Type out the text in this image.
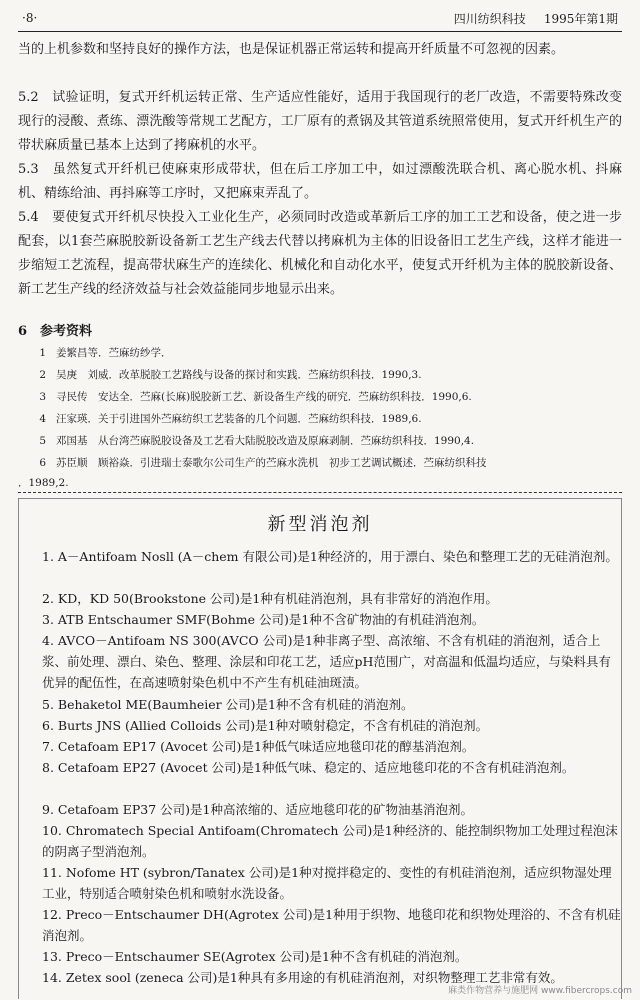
·8·	四川纺织科技 1995年第1期
当的上机参数和坚持良好的操作方法，也是保证机器正常运转和提高开纤质量不可忽视的因素。
5.2　试验证明，复式开纤机运转正常、生产适应性能好，适用于我国现行的老厂改造，不需要特殊改变现行的浸酸、煮练、漂洗酸等常规工艺配方，工厂原有的煮锅及其管道系统照常使用，复式开纤机生产的带状麻质量已基本上达到了拷麻机的水平。
5.3　虽然复式开纤机已使麻束形成带状，但在后工序加工中，如过漂酸洗联合机、离心脱水机、抖麻机、精练给油、再抖麻等工序时，又把麻束弄乱了。
5.4　要使复式开纤机尽快投入工业化生产，必须同时改造或革新后工序的加工工艺和设备，使之进一步配套，以1套苎麻脱胶新设备新工艺生产线去代替以拷麻机为主体的旧设备旧工艺生产线，这样才能进一步缩短工艺流程，提高带状麻生产的连续化、机械化和自动化水平，使复式开纤机为主体的脱胶新设备、新工艺生产线的经济效益与社会效益能同步地显示出来。
6　参考资料
1 姜繁昌等．苎麻纺纱学．
2 吴庚　刘威．改革脱胶工艺路线与设备的探讨和实践．苎麻纺织科技．1990,3.
3 寻民传　安达全．苎麻(长麻)脱胶新工艺、新设备生产线的研究．苎麻纺织科技．1990,6.
4 汪家瑛．关于引进国外苎麻纺织工艺装备的几个问题．苎麻纺织科技．1989,6.
5 邓国基　从台湾苎麻脱胶设备及工艺看大陆脱胶改造及原麻剥制．苎麻纺织科技．1990,4.
6 苏臣顺　顾裕焱．引进瑞士泰歌尔公司生产的苎麻水洗机　初步工艺调试概述．苎麻纺织科技
．1989,2.
新型消泡剂
1. A－Antifoam Nosll (A－chem 有限公司)是1种经济的，用于漂白、染色和整理工艺的无硅消泡剂。
2. KD，KD 50(Brookstone 公司)是1种有机硅消泡剂，具有非常好的消泡作用。
3. ATB Entschaumer SMF(Bohme 公司)是1种不含矿物油的有机硅消泡剂。
4. AVCO－Antifoam NS 300(AVCO 公司)是1种非离子型、高浓缩、不含有机硅的消泡剂，适合上浆、前处理、漂白、染色、整理、涂层和印花工艺，适应pH范围广，对高温和低温均适应，与染料具有优异的配伍性，在高速喷射染色机中不产生有机硅油斑渍。
5. Behaketol ME(Baumheier 公司)是1种不含有机硅的消泡剂。
6. Burts JNS (Allied Colloids 公司)是1种对喷射稳定，不含有机硅的消泡剂。
7. Cetafoam EP17 (Avocet 公司)是1种低气味适应地毯印花的醇基消泡剂。
8. Cetafoam EP27 (Avocet 公司)是1种低气味、稳定的、适应地毯印花的不含有机硅消泡剂。
9. Cetafoam EP37 公司)是1种高浓缩的、适应地毯印花的矿物油基消泡剂。
10. Chromatech Special Antifoam(Chromatech 公司)是1种经济的、能控制织物加工处理过程泡沫的阴离子型消泡剂。
11. Nofome HT (sybron/Tanatex 公司)是1种对搅拌稳定的、变性的有机硅消泡剂，适应织物湿处理工业，特别适合喷射染色机和喷射水洗设备。
12. Preco－Entschaumer DH(Agrotex 公司)是1种用于织物、地毯印花和织物处理浴的、不含有机硅消泡剂。
13. Preco－Entschaumer SE(Agrotex 公司)是1种不含有机硅的消泡剂。
14. Zetex sool (zeneca 公司)是1种具有多用途的有机硅消泡剂，对织物整理工艺非常有效。
麻类作物营养与施肥网 www.fibercrops.com
